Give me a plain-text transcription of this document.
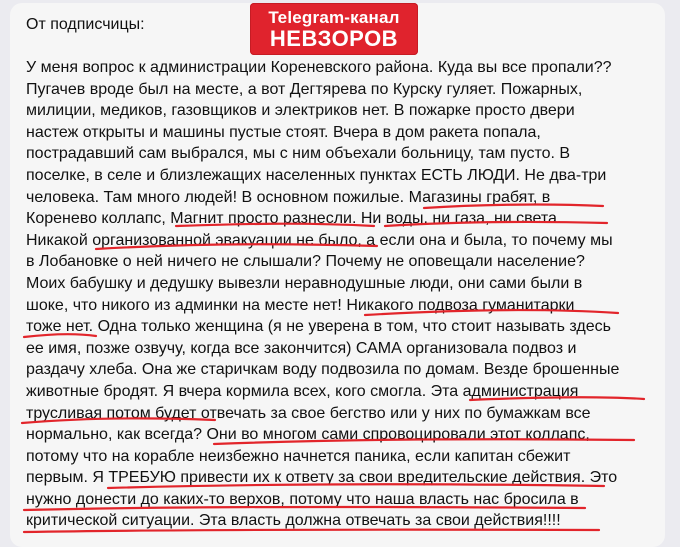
От подписчицы:	Telegram-канал
НЕВЗОРОВ
У меня вопрос к администрации Кореневского района. Куда вы все пропали??
Пугачев вроде был на месте, а вот Дегтярева по Курску гуляет. Пожарных,
милиции, медиков, газовщиков и электриков нет. В пожарке просто двери
настеж открыты и машины пустые стоят. Вчера в дом ракета попала,
пострадавший сам выбрался, мы с ним объехали больницу, там пусто. В
поселке, в селе и близлежащих населенных пунктах ЕСТЬ ЛЮДИ. Не два-три
человека. Там много людей! В основном пожилые. Магазины грабят, в
Коренево коллапс, Магнит просто разнесли. Ни воды, ни газа, ни света.
Никакой организованной эвакуации не было, а если она и была, то почему мы
в Лобановке о ней ничего не слышали? Почему не оповещали население?
Моих бабушку и дедушку вывезли неравнодушные люди, они сами были в
шоке, что никого из админки на месте нет! Никакого подвоза гуманитарки
тоже нет. Одна только женщина (я не уверена в том, что стоит называть здесь
ее имя, позже озвучу, когда все закончится) САМА организовала подвоз и
раздачу хлеба. Она же старичкам воду подвозила по домам. Везде брошенные
животные бродят. Я вчера кормила всех, кого смогла. Эта администрация
трусливая потом будет отвечать за свое бегство или у них по бумажкам все
нормально, как всегда? Они во многом сами спровоцировали этот коллапс,
потому что на корабле неизбежно начнется паника, если капитан сбежит
первым. Я ТРЕБУЮ привести их к ответу за свои вредительские действия. Это
нужно донести до каких-то верхов, потому что наша власть нас бросила в
критической ситуации. Эта власть должна отвечать за свои действия!!!!
